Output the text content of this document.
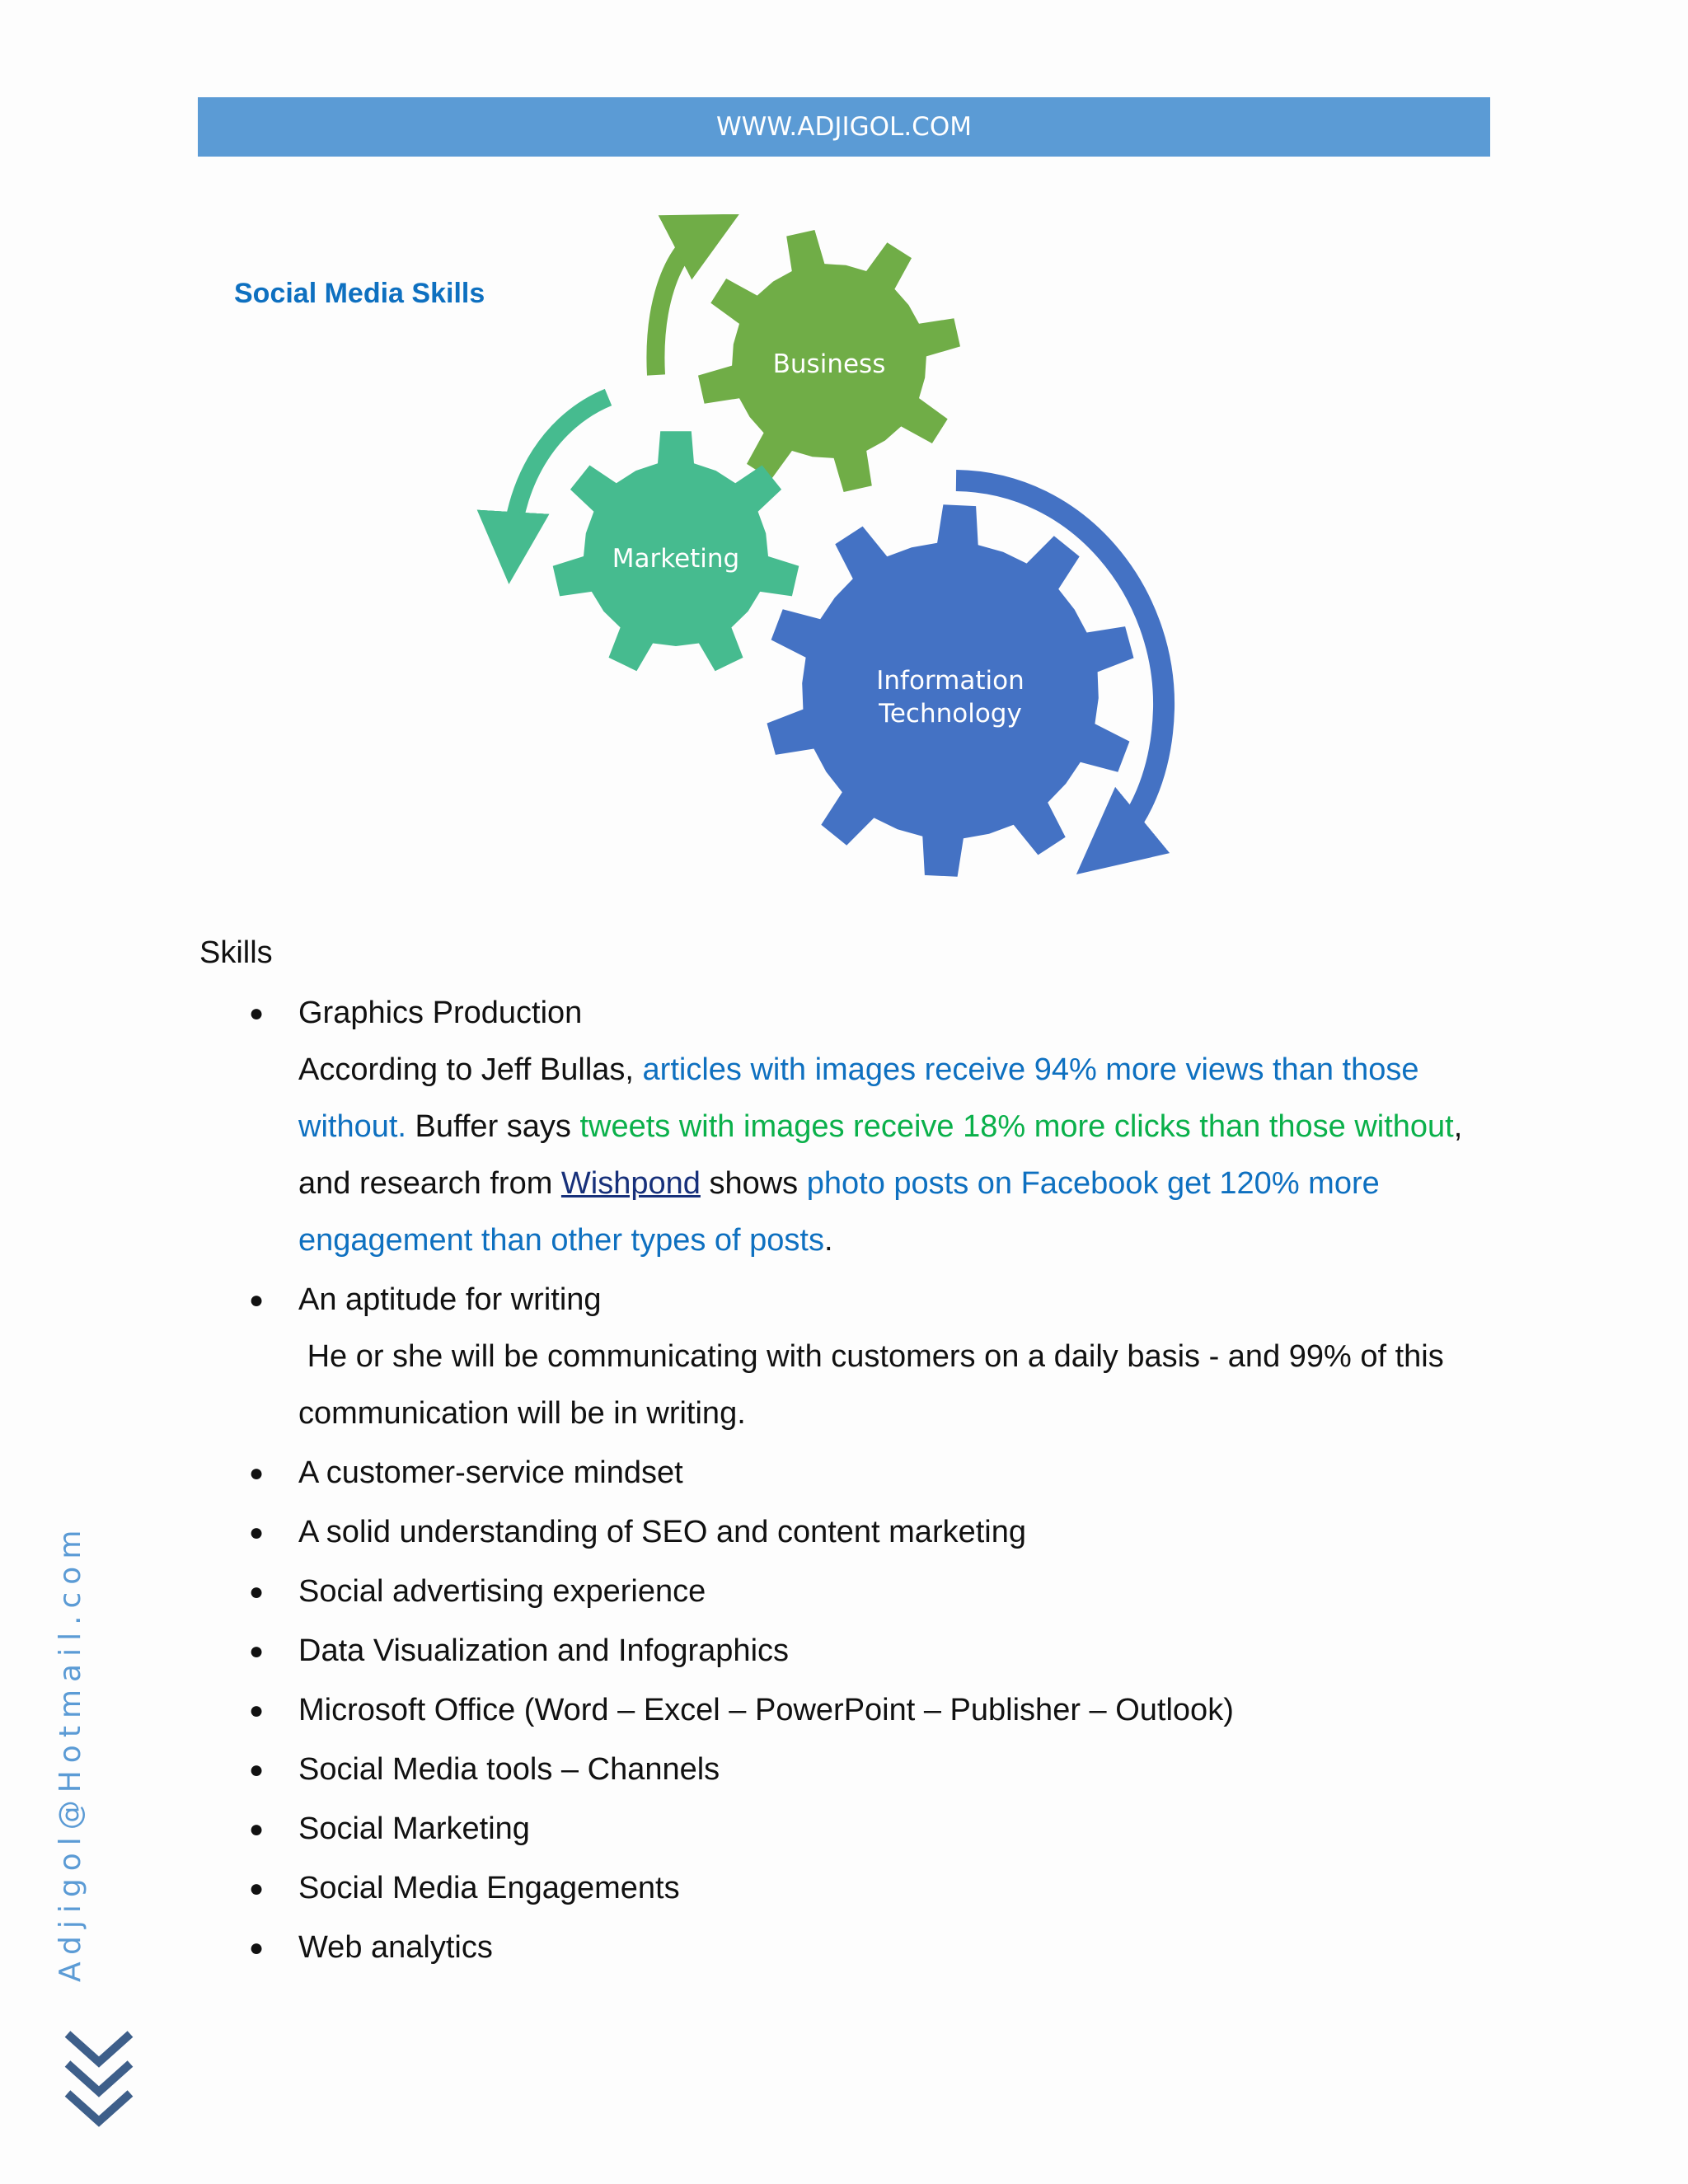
WWW.ADJIGOL.COM
Social Media Skills
Business
Marketing
Information
Technology
Skills
● Graphics Production
According to Jeff Bullas, articles with images receive 94% more views than those without. Buffer says tweets with images receive 18% more clicks than those without, and research from Wishpond shows photo posts on Facebook get 120% more engagement than other types of posts.
● An aptitude for writing
He or she will be communicating with customers on a daily basis - and 99% of this communication will be in writing.
● A customer-service mindset
● A solid understanding of SEO and content marketing
● Social advertising experience
● Data Visualization and Infographics
● Microsoft Office (Word – Excel – PowerPoint – Publisher – Outlook)
● Social Media tools – Channels
● Social Marketing
● Social Media Engagements
● Web analytics
Adjigol@Hotmail.com
